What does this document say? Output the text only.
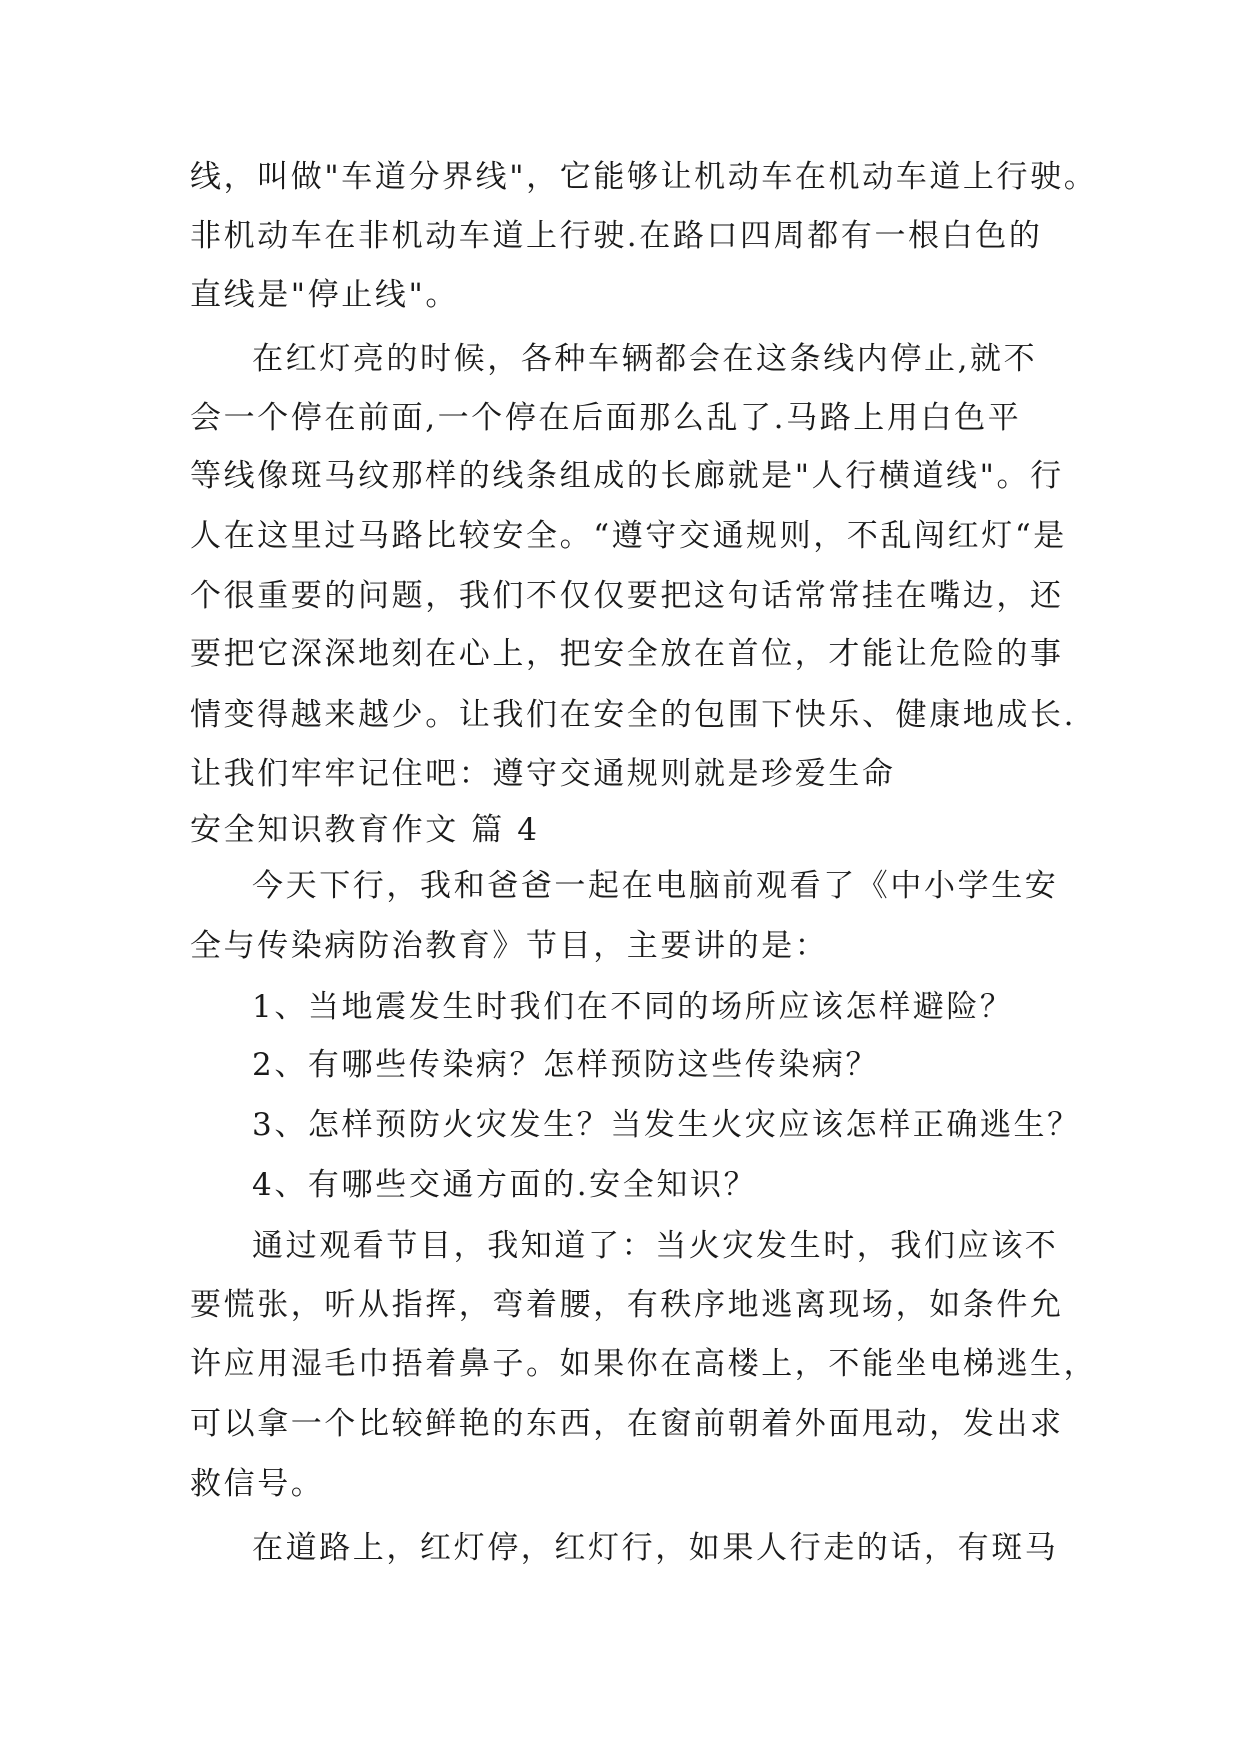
线，叫做"车道分界线"，它能够让机动车在机动车道上行驶。
非机动车在非机动车道上行驶.在路口四周都有一根白色的
直线是"停止线"。
在红灯亮的时候，各种车辆都会在这条线内停止,就不
会一个停在前面,一个停在后面那么乱了.马路上用白色平
等线像斑马纹那样的线条组成的长廊就是"人行横道线"。行
人在这里过马路比较安全。“遵守交通规则，不乱闯红灯“是
个很重要的问题，我们不仅仅要把这句话常常挂在嘴边，还
要把它深深地刻在心上，把安全放在首位，才能让危险的事
情变得越来越少。让我们在安全的包围下快乐、健康地成长.
让我们牢牢记住吧：遵守交通规则就是珍爱生命
安全知识教育作文 篇 4
今天下行，我和爸爸一起在电脑前观看了《中小学生安
全与传染病防治教育》节目，主要讲的是：
1、当地震发生时我们在不同的场所应该怎样避险？
2、有哪些传染病？怎样预防这些传染病？
3、怎样预防火灾发生？当发生火灾应该怎样正确逃生？
4、有哪些交通方面的.安全知识？
通过观看节目，我知道了：当火灾发生时，我们应该不
要慌张，听从指挥，弯着腰，有秩序地逃离现场，如条件允
许应用湿毛巾捂着鼻子。如果你在高楼上，不能坐电梯逃生，
可以拿一个比较鲜艳的东西，在窗前朝着外面甩动，发出求
救信号。
在道路上，红灯停，红灯行，如果人行走的话，有斑马
